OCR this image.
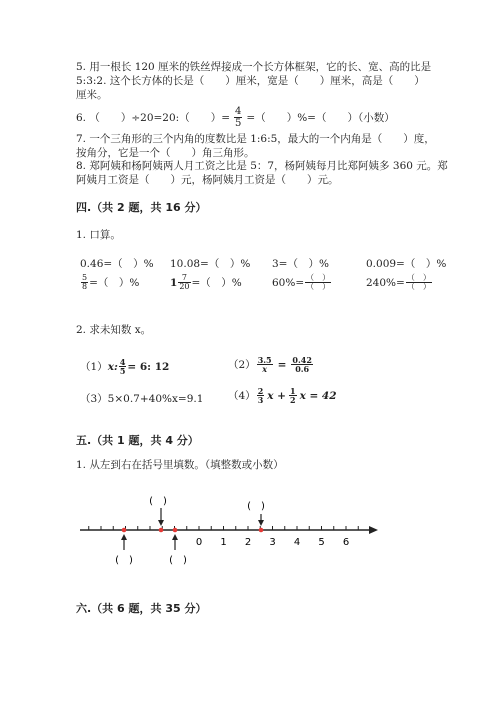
5. 用一根长 120 厘米的铁丝焊接成一个长方体框架，它的长、宽、高的比是
5:3:2. 这个长方体的长是（　　）厘米，宽是（　　）厘米，高是（　　）
厘米。
6. （　　）÷20=20:（　　）= $\frac{4}{5}$ =（　　）%=（　　）（小数）
7. 一个三角形的三个内角的度数比是 1:6:5，最大的一个内角是（　　）度，
按角分，它是一个（　　）角三角形。
8. 郑阿姨和杨阿姨两人月工资之比是 5：7，杨阿姨每月比郑阿姨多 360 元。郑
阿姨月工资是（　　）元，杨阿姨月工资是（　　）元。
四.（共 2 题，共 16 分）
1. 口算。
0.46=（　）% 10.08=（　）% 3=（　）%	0.009=（　）%
$\frac{5}{8}$ =（　）%	$1 \frac{7}{20}$ =（　）%	$60\%= \frac{( )}{( )}$	$240\%= \frac{( )}{( )}$
2. 求未知数 x。
（1） x: $\frac{4}{5} = 6$: 12	$(2) \frac{3.5}{x} = \frac{0.42}{0.6}$
（3）5×0.7+40%x=9.1 $(4) \frac{2}{3}$ $x + \frac{1}{2}$ x = 42
五.（共 1 题，共 4 分）
1. 从左到右在括号里填数。（填整数或小数）
0 1 2 3 4 5 6
(　)	(　)
(　)	(　)
六.（共 6 题，共 35 分）
